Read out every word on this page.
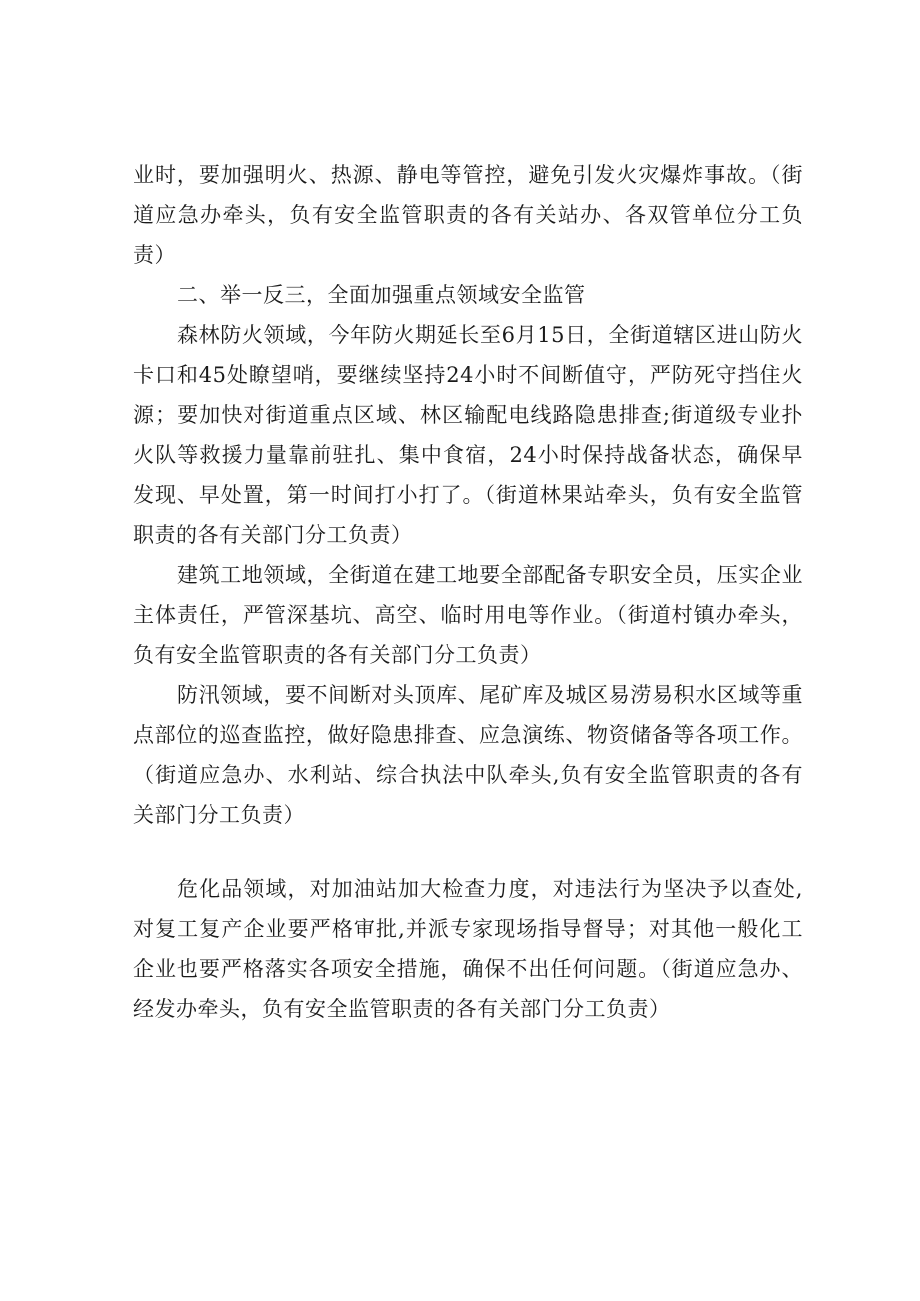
业时，要加强明火、热源、静电等管控，避免引发火灾爆炸事故。（街道应急办牵头，负有安全监管职责的各有关站办、各双管单位分工负责）

二、举一反三，全面加强重点领域安全监管

森林防火领域，今年防火期延长至6月15日，全街道辖区进山防火卡口和45处瞭望哨，要继续坚持24小时不间断值守，严防死守挡住火源；要加快对街道重点区域、林区输配电线路隐患排查;街道级专业扑火队等救援力量靠前驻扎、集中食宿，24小时保持战备状态，确保早发现、早处置，第一时间打小打了。（街道林果站牵头，负有安全监管职责的各有关部门分工负责）

建筑工地领域，全街道在建工地要全部配备专职安全员，压实企业主体责任，严管深基坑、高空、临时用电等作业。（街道村镇办牵头，负有安全监管职责的各有关部门分工负责）

防汛领域，要不间断对头顶库、尾矿库及城区易涝易积水区域等重点部位的巡查监控，做好隐患排查、应急演练、物资储备等各项工作。（街道应急办、水利站、综合执法中队牵头,负有安全监管职责的各有关部门分工负责）

危化品领域，对加油站加大检查力度，对违法行为坚决予以查处,对复工复产企业要严格审批,并派专家现场指导督导；对其他一般化工企业也要严格落实各项安全措施，确保不出任何问题。（街道应急办、经发办牵头，负有安全监管职责的各有关部门分工负责）
